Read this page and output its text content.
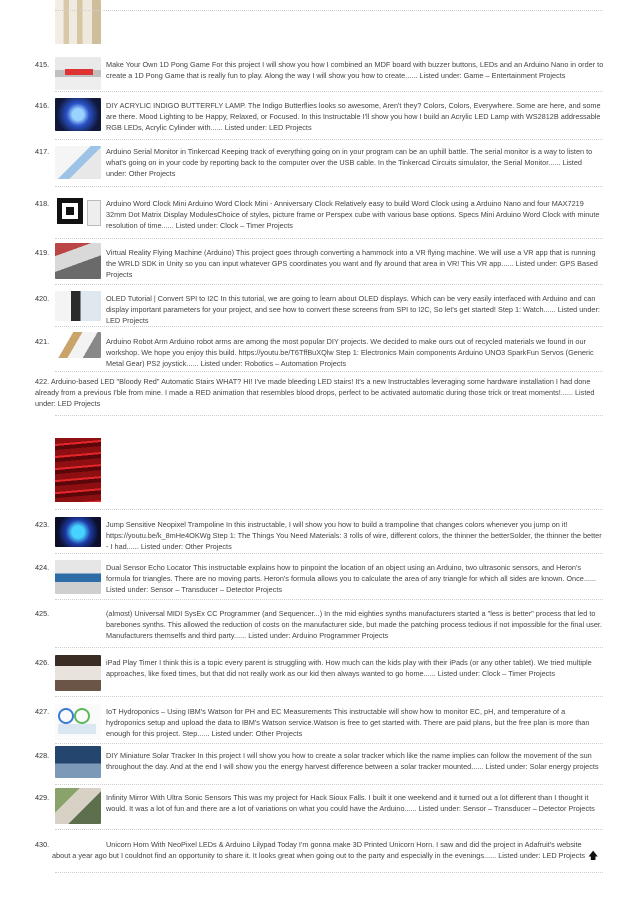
415.	Make Your Own 1D Pong Game For this project I will show you how I combined an MDF board with buzzer buttons, LEDs and an Arduino Nano in order to create a 1D Pong Game that is really fun to play. Along the way I will show you how to create...... Listed under: Game – Entertainment Projects
416.	DIY ACRYLIC INDIGO BUTTERFLY LAMP. The Indigo Butterflies looks so awesome, Aren't they? Colors, Colors, Everywhere. Some are here, and some are there. Mood Lighting to be Happy, Relaxed, or Focused. In this Instructable I'll show you how I build an Acrylic LED Lamp with WS2812B addressable RGB LEDs, Acrylic Cylinder with...... Listed under: LED Projects
417.	Arduino Serial Monitor in Tinkercad Keeping track of everything going on in your program can be an uphill battle. The serial monitor is a way to listen to what's going on in your code by reporting back to the computer over the USB cable. In the Tinkercad Circuits simulator, the Serial Monitor...... Listed under: Other Projects
418.	Arduino Word Clock Mini Arduino Word Clock Mini - Anniversary Clock Relatively easy to build Word Clock using a Arduino Nano and four MAX7219 32mm Dot Matrix Display ModulesChoice of styles, picture frame or Perspex cube with various base options. Specs Mini Arduino Word Clock with minute resolution of time...... Listed under: Clock – Timer Projects
419.	Virtual Reality Flying Machine (Arduino) This project goes through converting a hammock into a VR flying machine. We will use a VR app that is running the WRLD SDK in Unity so you can input whatever GPS coordinates you want and fly around that area in VR! This VR app...... Listed under: GPS Based Projects
420.	OLED Tutorial | Convert SPI to I2C In this tutorial, we are going to learn about OLED displays. Which can be very easily interfaced with Arduino and can display important parameters for your project, and see how to convert these screens from SPI to I2C, So let's get started! Step 1: Watch...... Listed under: LED Projects
421.	Arduino Robot Arm Arduino robot arms are among the most popular DIY projects. We decided to make ours out of recycled materials we found in our workshop. We hope you enjoy this build. https://youtu.be/T6TffBuXQlw Step 1: Electronics Main components Arduino UNO3 SparkFun Servos (Generic Metal Gear) PS2 joystick...... Listed under: Robotics – Automation Projects
422. Arduino-based LED "Bloody Red" Automatic Stairs WHAT? HI! I've made bleeding LED stairs! It's a new Instructables leveraging some hardware installation I had done already from a previous I'ble from mine. I made a RED animation that resembles blood drops, perfect to be activated automatic during those trick or treat moments!...... Listed under: LED Projects
423.	Jump Sensitive Neopixel Trampoline In this instructable, I will show you how to build a trampoline that changes colors whenever you jump on it! https://youtu.be/k_8mHe4OKWg Step 1: The Things You Need Materials: 3 rolls of wire, different colors, the thinner the betterSolder, the thinner the better - I had...... Listed under: Other Projects
424.	Dual Sensor Echo Locator This instructable explains how to pinpoint the location of an object using an Arduino, two ultrasonic sensors, and Heron's formula for triangles. There are no moving parts. Heron's formula allows you to calculate the area of any triangle for which all sides are known. Once...... Listed under: Sensor – Transducer – Detector Projects
425.	(almost) Universal MIDI SysEx CC Programmer (and Sequencer...) In the mid eighties synths manufacturers started a "less is better" process that led to barebones synths. This allowed the reduction of costs on the manufacturer side, but made the patching process tedious if not impossible for the final user. Manufacturers themselfs and third party...... Listed under: Arduino Programmer Projects
426.	iPad Play Timer I think this is a topic every parent is struggling with. How much can the kids play with their iPads (or any other tablet). We tried multiple approaches, like fixed times, but that did not really work as our kid then always wanted to go home...... Listed under: Clock – Timer Projects
427.	IoT Hydroponics – Using IBM's Watson for PH and EC Measurements This instructable will show how to monitor EC, pH, and temperature of a hydroponics setup and upload the data to IBM's Watson service.Watson is free to get started with. There are paid plans, but the free plan is more than enough for this project. Step...... Listed under: Other Projects
428.	DIY Miniature Solar Tracker In this project I will show you how to create a solar tracker which like the name implies can follow the movement of the sun throughout the day. And at the end I will show you the energy harvest difference between a solar tracker mounted...... Listed under: Solar energy projects
429.	Infinity Mirror With Ultra Sonic Sensors This was my project for Hack Sioux Falls. I built it one weekend and it turned out a lot different than I thought it would. It was a lot of fun and there are a lot of variations on what you could have the Arduino...... Listed under: Sensor – Transducer – Detector Projects
430.	Unicorn Horn With NeoPixel LEDs & Arduino Lilypad Today I'm gonna make 3D Printed Unicorn Horn. I saw and did the project in Adafruit's website about a year ago but I couldnot find an opportunity to share it. It looks great when going out to the party and especially in the evenings...... Listed under: LED Projects 🡅
